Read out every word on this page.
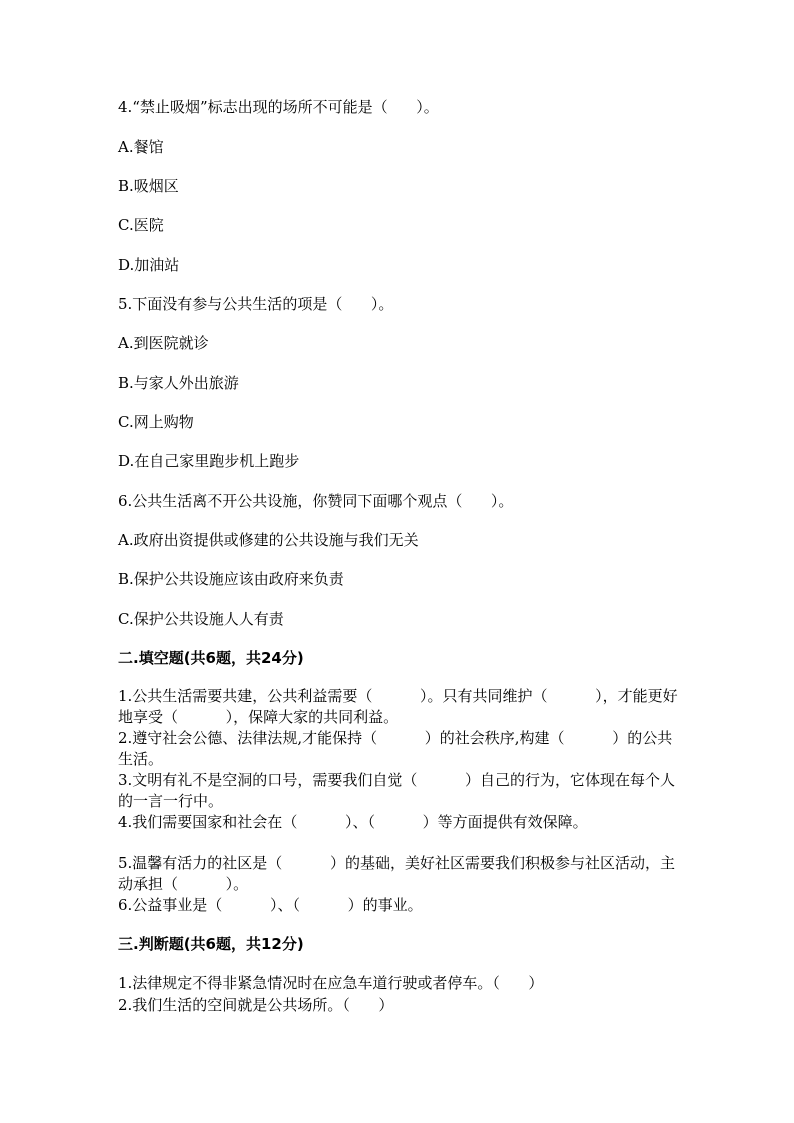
4.“禁止吸烟”标志出现的场所不可能是（      ）。
A.餐馆
B.吸烟区
C.医院
D.加油站
5.下面没有参与公共生活的项是（      ）。
A.到医院就诊
B.与家人外出旅游
C.网上购物
D.在自己家里跑步机上跑步
6.公共生活离不开公共设施，你赞同下面哪个观点（      ）。
A.政府出资提供或修建的公共设施与我们无关
B.保护公共设施应该由政府来负责
C.保护公共设施人人有责
二.填空题(共6题，共24分)
1.公共生活需要共建，公共利益需要（          ）。只有共同维护（          ），才能更好地享受（          ），保障大家的共同利益。
2.遵守社会公德、法律法规,才能保持（          ）的社会秩序,构建（          ）的公共生活。
3.文明有礼不是空洞的口号，需要我们自觉（          ）自己的行为，它体现在每个人的一言一行中。
4.我们需要国家和社会在（          ）、（          ）等方面提供有效保障。
5.温馨有活力的社区是（          ）的基础，美好社区需要我们积极参与社区活动，主动承担（          ）。
6.公益事业是（          ）、（          ）的事业。
三.判断题(共6题，共12分)
1.法律规定不得非紧急情况时在应急车道行驶或者停车。（      ）
2.我们生活的空间就是公共场所。（      ）
